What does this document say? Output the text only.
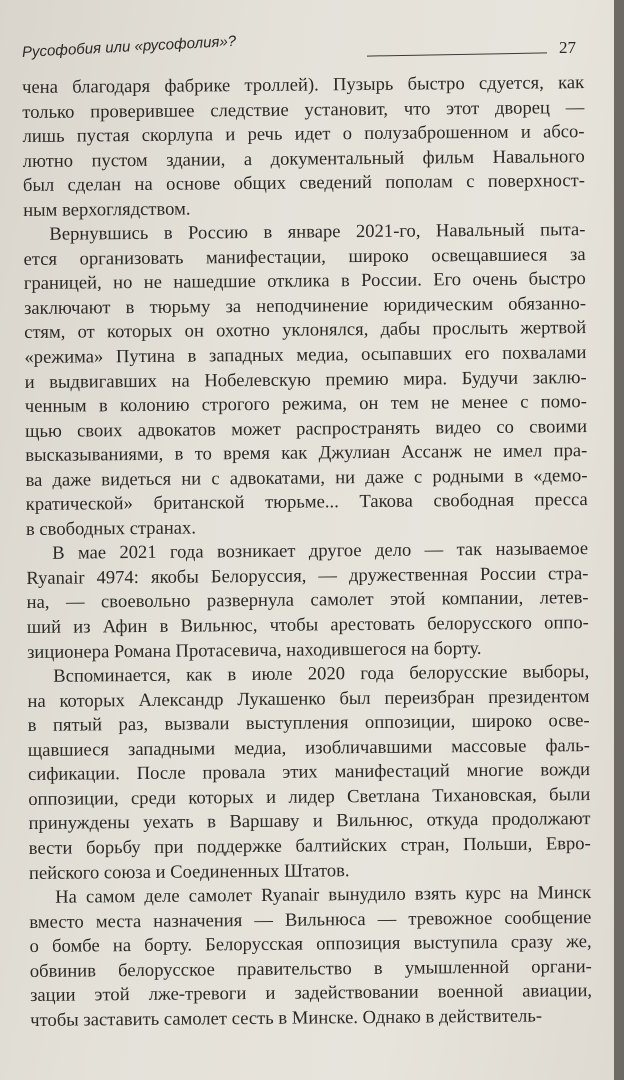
Русофобия или «русофолия»?	27
чена благодаря фабрике троллей). Пузырь быстро сдуется, как
только проверившее следствие установит, что этот дворец —
лишь пустая скорлупа и речь идет о полузаброшенном и абсо-
лютно пустом здании, а документальный фильм Навального
был сделан на основе общих сведений пополам с поверхност-
ным верхоглядством.
Вернувшись в Россию в январе 2021-го, Навальный пыта-
ется организовать манифестации, широко освещавшиеся за
границей, но не нашедшие отклика в России. Его очень быстро
заключают в тюрьму за неподчинение юридическим обязанно-
стям, от которых он охотно уклонялся, дабы прослыть жертвой
«режима» Путина в западных медиа, осыпавших его похвалами
и выдвигавших на Нобелевскую премию мира. Будучи заклю-
ченным в колонию строгого режима, он тем не менее с помо-
щью своих адвокатов может распространять видео со своими
высказываниями, в то время как Джулиан Ассанж не имел пра-
ва даже видеться ни с адвокатами, ни даже с родными в «демо-
кратической» британской тюрьме... Такова свободная пресса
в свободных странах.
В мае 2021 года возникает другое дело — так называемое
Ryanair 4974: якобы Белоруссия, — дружественная России стра-
на, — своевольно развернула самолет этой компании, летев-
ший из Афин в Вильнюс, чтобы арестовать белорусского оппо-
зиционера Романа Протасевича, находившегося на борту.
Вспоминается, как в июле 2020 года белорусские выборы,
на которых Александр Лукашенко был переизбран президентом
в пятый раз, вызвали выступления оппозиции, широко осве-
щавшиеся западными медиа, изобличавшими массовые фаль-
сификации. После провала этих манифестаций многие вожди
оппозиции, среди которых и лидер Светлана Тихановская, были
принуждены уехать в Варшаву и Вильнюс, откуда продолжают
вести борьбу при поддержке балтийских стран, Польши, Евро-
пейского союза и Соединенных Штатов.
На самом деле самолет Ryanair вынудило взять курс на Минск
вместо места назначения — Вильнюса — тревожное сообщение
о бомбе на борту. Белорусская оппозиция выступила сразу же,
обвинив белорусское правительство в умышленной органи-
зации этой лже-тревоги и задействовании военной авиации,
чтобы заставить самолет сесть в Минске. Однако в действитель-
